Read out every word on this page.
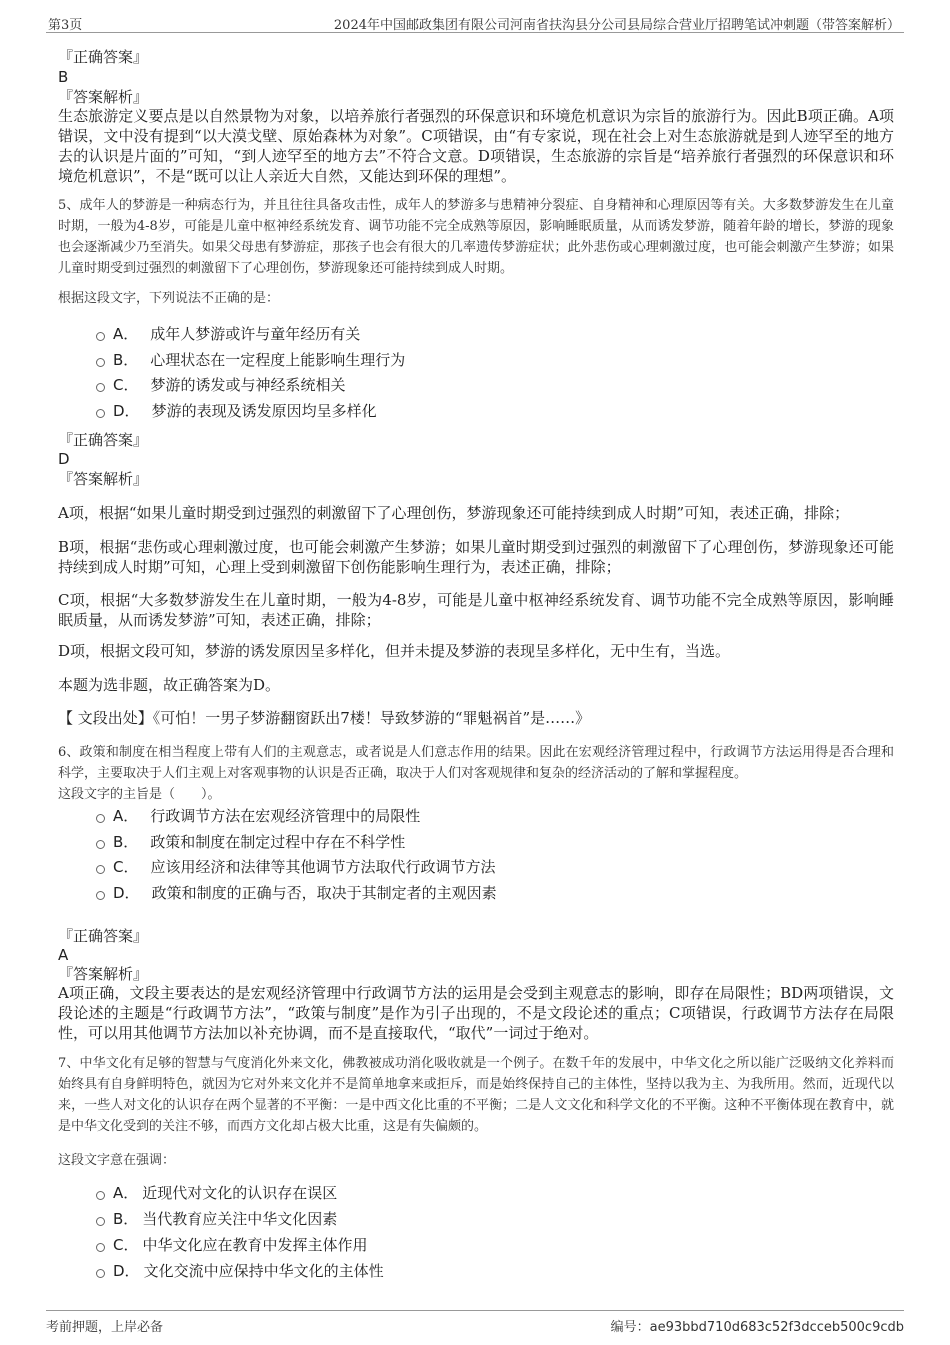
第3页	2024年中国邮政集团有限公司河南省扶沟县分公司县局综合营业厅招聘笔试冲刺题（带答案解析）
『正确答案』
B
『答案解析』

生态旅游定义要点是以自然景物为对象，以培养旅行者强烈的环保意识和环境危机意识为宗旨的旅游行为。因此B项正确。A项错误，文中没有提到“以大漠戈壁、原始森林为对象”。C项错误，由“有专家说，现在社会上对生态旅游就是到人迹罕至的地方去的认识是片面的”可知，“到人迹罕至的地方去”不符合文意。D项错误，生态旅游的宗旨是“培养旅行者强烈的环保意识和环境危机意识”，不是“既可以让人亲近大自然，又能达到环保的理想”。

5、成年人的梦游是一种病态行为，并且往往具备攻击性，成年人的梦游多与患精神分裂症、自身精神和心理原因等有关。大多数梦游发生在儿童时期，一般为4-8岁，可能是儿童中枢神经系统发育、调节功能不完全成熟等原因，影响睡眠质量，从而诱发梦游，随着年龄的增长，梦游的现象也会逐渐减少乃至消失。如果父母患有梦游症，那孩子也会有很大的几率遗传梦游症状；此外悲伤或心理刺激过度，也可能会刺激产生梦游；如果儿童时期受到过强烈的刺激留下了心理创伤，梦游现象还可能持续到成人时期。

根据这段文字，下列说法不正确的是：

A． 成年人梦游或许与童年经历有关
B． 心理状态在一定程度上能影响生理行为
C． 梦游的诱发或与神经系统相关
D． 梦游的表现及诱发原因均呈多样化
『正确答案』
D
『答案解析』

A项，根据“如果儿童时期受到过强烈的刺激留下了心理创伤，梦游现象还可能持续到成人时期”可知，表述正确，排除；

B项，根据“悲伤或心理刺激过度，也可能会刺激产生梦游；如果儿童时期受到过强烈的刺激留下了心理创伤，梦游现象还可能持续到成人时期”可知，心理上受到刺激留下创伤能影响生理行为，表述正确，排除；

C项，根据“大多数梦游发生在儿童时期，一般为4-8岁，可能是儿童中枢神经系统发育、调节功能不完全成熟等原因，影响睡眠质量，从而诱发梦游”可知，表述正确，排除；

D项，根据文段可知，梦游的诱发原因呈多样化，但并未提及梦游的表现呈多样化，无中生有，当选。

本题为选非题，故正确答案为D。

【 文段出处】《可怕！一男子梦游翻窗跃出7楼！导致梦游的“罪魁祸首”是……》

6、政策和制度在相当程度上带有人们的主观意志，或者说是人们意志作用的结果。因此在宏观经济管理过程中，行政调节方法运用得是否合理和科学，主要取决于人们主观上对客观事物的认识是否正确，取决于人们对客观规律和复杂的经济活动的了解和掌握程度。

这段文字的主旨是（　　）。

A． 行政调节方法在宏观经济管理中的局限性
B． 政策和制度在制定过程中存在不科学性
C． 应该用经济和法律等其他调节方法取代行政调节方法
D． 政策和制度的正确与否，取决于其制定者的主观因素
『正确答案』
A
『答案解析』

A项正确，文段主要表达的是宏观经济管理中行政调节方法的运用是会受到主观意志的影响，即存在局限性；BD两项错误，文段论述的主题是“行政调节方法”，“政策与制度”是作为引子出现的，不是文段论述的重点；C项错误，行政调节方法存在局限性，可以用其他调节方法加以补充协调，而不是直接取代，“取代”一词过于绝对。

7、中华文化有足够的智慧与气度消化外来文化，佛教被成功消化吸收就是一个例子。在数千年的发展中，中华文化之所以能广泛吸纳文化养料而始终具有自身鲜明特色，就因为它对外来文化并不是简单地拿来或拒斥，而是始终保持自己的主体性，坚持以我为主、为我所用。然而，近现代以来，一些人对文化的认识存在两个显著的不平衡：一是中西文化比重的不平衡；二是人文文化和科学文化的不平衡。这种不平衡体现在教育中，就是中华文化受到的关注不够，而西方文化却占极大比重，这是有失偏颇的。

这段文字意在强调：

A． 近现代对文化的认识存在误区
B． 当代教育应关注中华文化因素
C． 中华文化应在教育中发挥主体作用
D． 文化交流中应保持中华文化的主体性
考前押题，上岸必备	编号：ae93bbd710d683c52f3dcceb500c9cdb
